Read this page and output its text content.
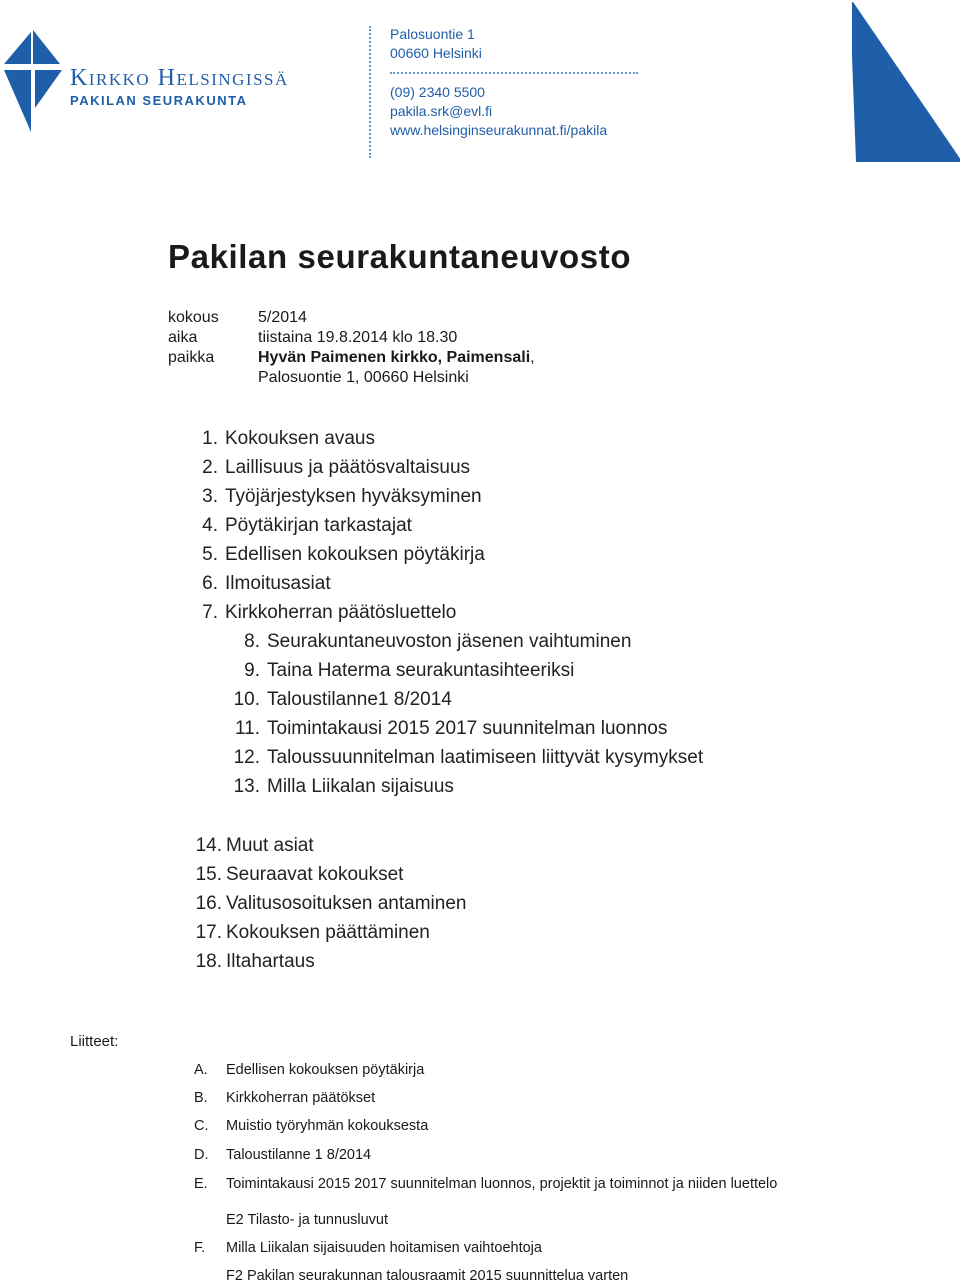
Kirkko Helsingissä
PAKILAN SEURAKUNTA
Palosuontie 1
00660 Helsinki
(09) 2340 5500
pakila.srk@evl.fi
www.helsinginseurakunnat.fi/pakila
Pakilan seurakuntaneuvosto
kokous 5/2014
aika	tiistaina 19.8.2014 klo 18.30
paikka	Hyvän Paimenen kirkko, Paimensali,
Palosuontie 1, 00660 Helsinki
1. Kokouksen avaus
2. Laillisuus ja päätösvaltaisuus
3. Työjärjestyksen hyväksyminen
4. Pöytäkirjan tarkastajat
5. Edellisen kokouksen pöytäkirja
6. Ilmoitusasiat
7. Kirkkoherran päätösluettelo
8. Seurakuntaneuvoston jäsenen vaihtuminen
9. Taina Haterma seurakuntasihteeriksi
10. Taloustilanne1 8/2014
11. Toimintakausi 2015 2017 suunnitelman luonnos
12. Taloussuunnitelman laatimiseen liittyvät kysymykset
13. Milla Liikalan sijaisuus
14. Muut asiat
15. Seuraavat kokoukset
16. Valitusosoituksen antaminen
17. Kokouksen päättäminen
18. Iltahartaus
Liitteet:
A. Edellisen kokouksen pöytäkirja
B. Kirkkoherran päätökset
C. Muistio työryhmän kokouksesta
D. Taloustilanne 1 8/2014
E. Toimintakausi 2015 2017 suunnitelman luonnos, projektit ja toiminnot ja niiden luettelo
E2 Tilasto- ja tunnusluvut
F. Milla Liikalan sijaisuuden hoitamisen vaihtoehtoja
F2 Pakilan seurakunnan talousraamit 2015 suunnittelua varten
